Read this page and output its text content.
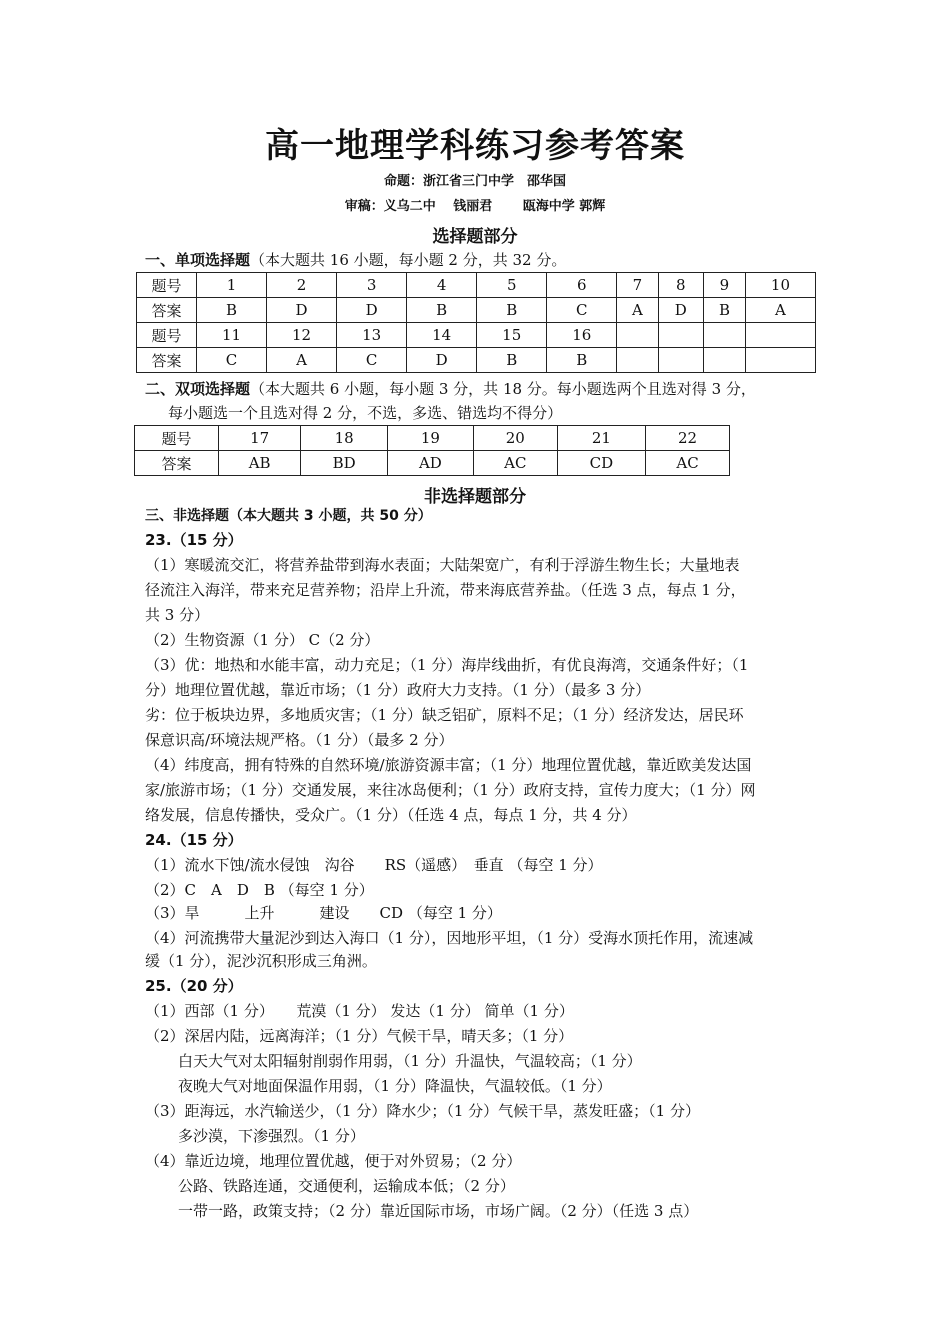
高一地理学科练习参考答案
命题：浙江省三门中学　邵华国
审稿：义乌二中　 钱丽君　　 瓯海中学 郭辉
选择题部分
一、单项选择题（本大题共 16 小题，每小题 2 分，共 32 分。
题号	1	2	3	4	5	6	7	8	9	10
答案	B	D	D	B	B	C	A	D	B	A
题号	11	12	13	14	15	16				
答案	C	A	C	D	B	B				
二、双项选择题（本大题共 6 小题，每小题 3 分，共 18 分。每小题选两个且选对得 3 分，
每小题选一个且选对得 2 分，不选，多选、错选均不得分）
题号	17	18	19	20	21	22
答案	AB	BD	AD	AC	CD	AC
非选择题部分
三、非选择题（本大题共 3 小题，共 50 分）
23.（15 分）
（1）寒暖流交汇，将营养盐带到海水表面；大陆架宽广，有利于浮游生物生长；大量地表
径流注入海洋，带来充足营养物；沿岸上升流，带来海底营养盐。（任选 3 点，每点 1 分，
共 3 分）
（2）生物资源（1 分） C（2 分）
（3）优：地热和水能丰富，动力充足；（1 分）海岸线曲折，有优良海湾，交通条件好；（1
分）地理位置优越，靠近市场；（1 分）政府大力支持。（1 分）（最多 3 分）
劣：位于板块边界，多地质灾害；（1 分）缺乏铝矿，原料不足；（1 分）经济发达，居民环
保意识高/环境法规严格。（1 分）（最多 2 分）
（4）纬度高，拥有特殊的自然环境/旅游资源丰富；（1 分）地理位置优越，靠近欧美发达国
家/旅游市场；（1 分）交通发展，来往冰岛便利；（1 分）政府支持，宣传力度大；（1 分）网
络发展，信息传播快，受众广。（1 分）（任选 4 点，每点 1 分，共 4 分）
24.（15 分）
（1）流水下蚀/流水侵蚀　沟谷　　RS（遥感）　垂直 （每空 1 分）
（2）C　A　D　B （每空 1 分）
（3）旱　　　上升　　　建设　　CD （每空 1 分）
（4）河流携带大量泥沙到达入海口（1 分），因地形平坦，（1 分）受海水顶托作用，流速减
缓（1 分），泥沙沉积形成三角洲。
25.（20 分）
（1）西部（1 分）　　荒漠（1 分） 发达（1 分） 简单（1 分）
（2）深居内陆，远离海洋；（1 分）气候干旱，晴天多；（1 分）
白天大气对太阳辐射削弱作用弱，（1 分）升温快，气温较高；（1 分）
夜晚大气对地面保温作用弱，（1 分）降温快，气温较低。（1 分）
（3）距海远，水汽输送少，（1 分）降水少；（1 分）气候干旱，蒸发旺盛；（1 分）
多沙漠，下渗强烈。（1 分）
（4）靠近边境，地理位置优越，便于对外贸易；（2 分）
公路、铁路连通，交通便利，运输成本低；（2 分）
一带一路，政策支持；（2 分）靠近国际市场，市场广阔。（2 分）（任选 3 点）
